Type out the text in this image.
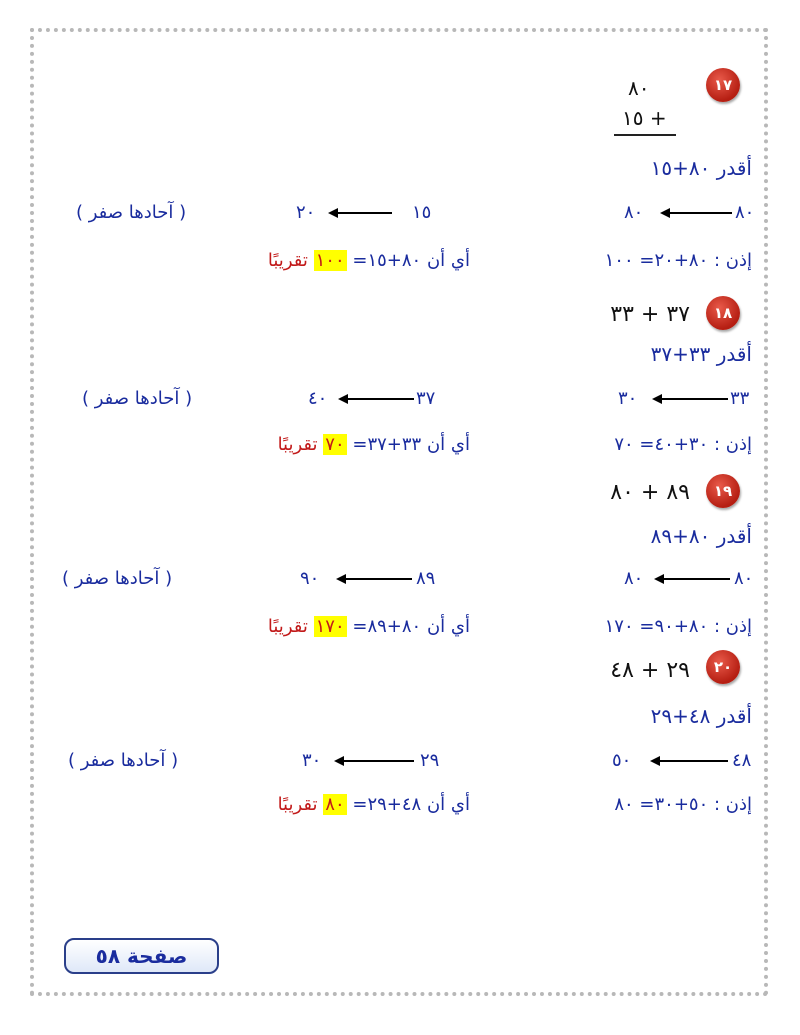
١٧
٨٠
١٥ +
أقدر ٨٠+١٥
٨٠
٨٠
١٥
٢٠
( آحادها صفر )
إذن : ٨٠+٢٠= ١٠٠
أي أن ٨٠+١٥= ١٠٠ تقريبًا
١٨
٣٧ + ٣٣
أقدر ٣٣+٣٧
٣٣
٣٠
٣٧
٤٠
( آحادها صفر )
إذن : ٣٠+٤٠= ٧٠
أي أن ٣٣+٣٧= ٧٠ تقريبًا
١٩
٨٩ + ٨٠
أقدر ٨٠+٨٩
٨٠
٨٠
٨٩
٩٠
( آحادها صفر )
إذن : ٨٠+٩٠= ١٧٠
أي أن ٨٠+٨٩= ١٧٠ تقريبًا
٢٠
٢٩ + ٤٨
أقدر ٤٨+٢٩
٤٨
٥٠
٢٩
٣٠
( آحادها صفر )
إذن : ٥٠+٣٠= ٨٠
أي أن ٤٨+٢٩= ٨٠ تقريبًا
صفحة ٥٨
